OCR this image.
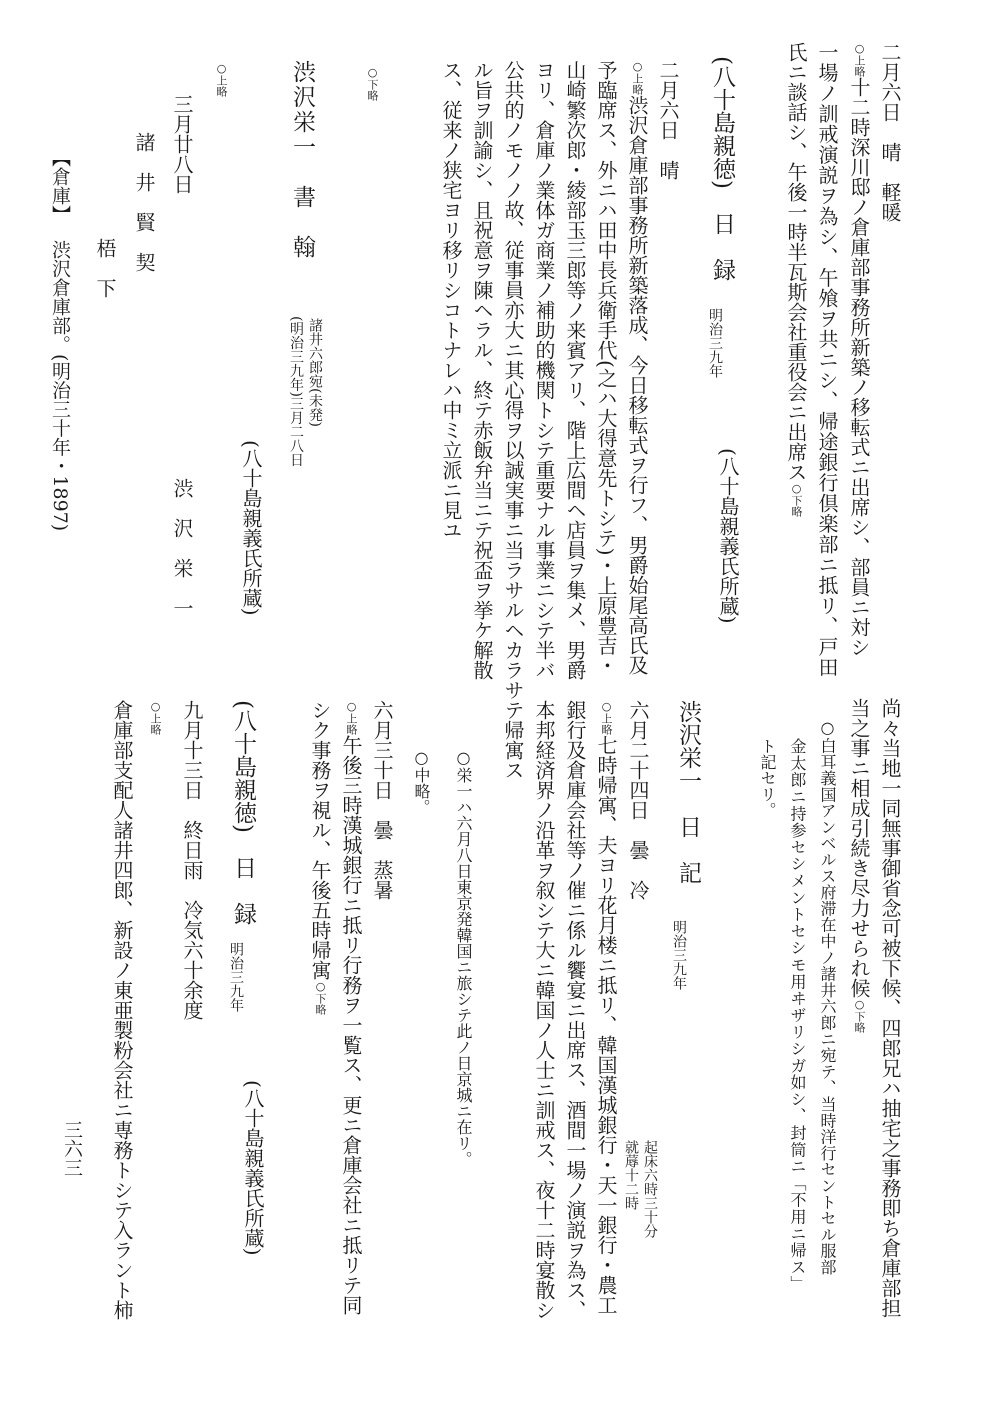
二月六日　晴　軽暖
○上略十二時深川邸ノ倉庫部事務所新築ノ移転式ニ出席シ、部員ニ対シ
一場ノ訓戒演説ヲ為シ、午飧ヲ共ニシ、帰途銀行倶楽部ニ抵リ、戸田
氏ニ談話シ、午後一時半瓦斯会社重役会ニ出席ス○下略
(八十島親義氏所蔵)
(八十島親徳)　日　録
明治三九年
二月六日　晴
○上略渋沢倉庫部事務所新築落成、今日移転式ヲ行フ、男爵始尾高氏及
予臨席ス、外ニハ田中長兵衛手代(之ハ大得意先トシテ)・上原豊吉・
山崎繁次郎・綾部玉三郎等ノ来賓アリ、階上広間ヘ店員ヲ集メ、男爵
ヨリ、倉庫ノ業体ガ商業ノ補助的機関トシテ重要ナル事業ニシテ半バ
公共的ノモノノ故、従事員亦大ニ其心得ヲ以誠実事ニ当ラサルヘカラサ
ル旨ヲ訓諭シ、且祝意ヲ陳ヘラル、終テ赤飯弁当ニテ祝盃ヲ挙ケ解散
ス、従来ノ狭宅ヨリ移リシコトナレハ中ミ立派ニ見ユ
○下略
渋沢栄一　書　翰
諸井六郎宛(未発)
(明治三九年)三月二八日
(八十島親義氏所蔵)
○上略
三月廿八日
渋　沢　栄　一
諸　井　賢　契
梧　下
【倉庫】渋沢倉庫部。(明治三十年・1897)
尚々当地一同無事御省念可被下候、四郎兄ハ抽宅之事務即ち倉庫部担
当之事ニ相成引続き尽力せられ候○下略
○白耳義国アンベルス府滞在中ノ諸井六郎ニ宛テ、当時洋行セントセル服部
金太郎ニ持参セシメントセシモ用ヰザリシガ如シ、封筒ニ「不用ニ帰ス」
ト記セリ。
渋沢栄一　日　記
明治三九年
六月二十四日　曇　冷
起床六時三十分
就蓐十二時
○上略七時帰寓、夫ヨリ花月楼ニ抵リ、韓国漢城銀行・天一銀行・農工
銀行及倉庫会社等ノ催ニ係ル饗宴ニ出席ス、酒間一場ノ演説ヲ為ス、
本邦経済界ノ沿革ヲ叙シテ大ニ韓国ノ人士ニ訓戒ス、夜十二時宴散シ
テ帰寓ス
○栄一ハ六月八日東京発韓国ニ旅シテ此ノ日京城ニ在リ。
○中略。
六月三十日　曇　蒸暑
○上略午後三時漢城銀行ニ抵リ行務ヲ一覧ス、更ニ倉庫会社ニ抵リテ同
シク事務ヲ視ル、午後五時帰寓○下略
(八十島親義氏所蔵)
(八十島親徳)　日　録
明治三九年
九月十三日　終日雨　冷気六十余度
○上略
倉庫部支配人諸井四郎、新設ノ東亜製粉会社ニ専務トシテ入ラント柿
三六三
